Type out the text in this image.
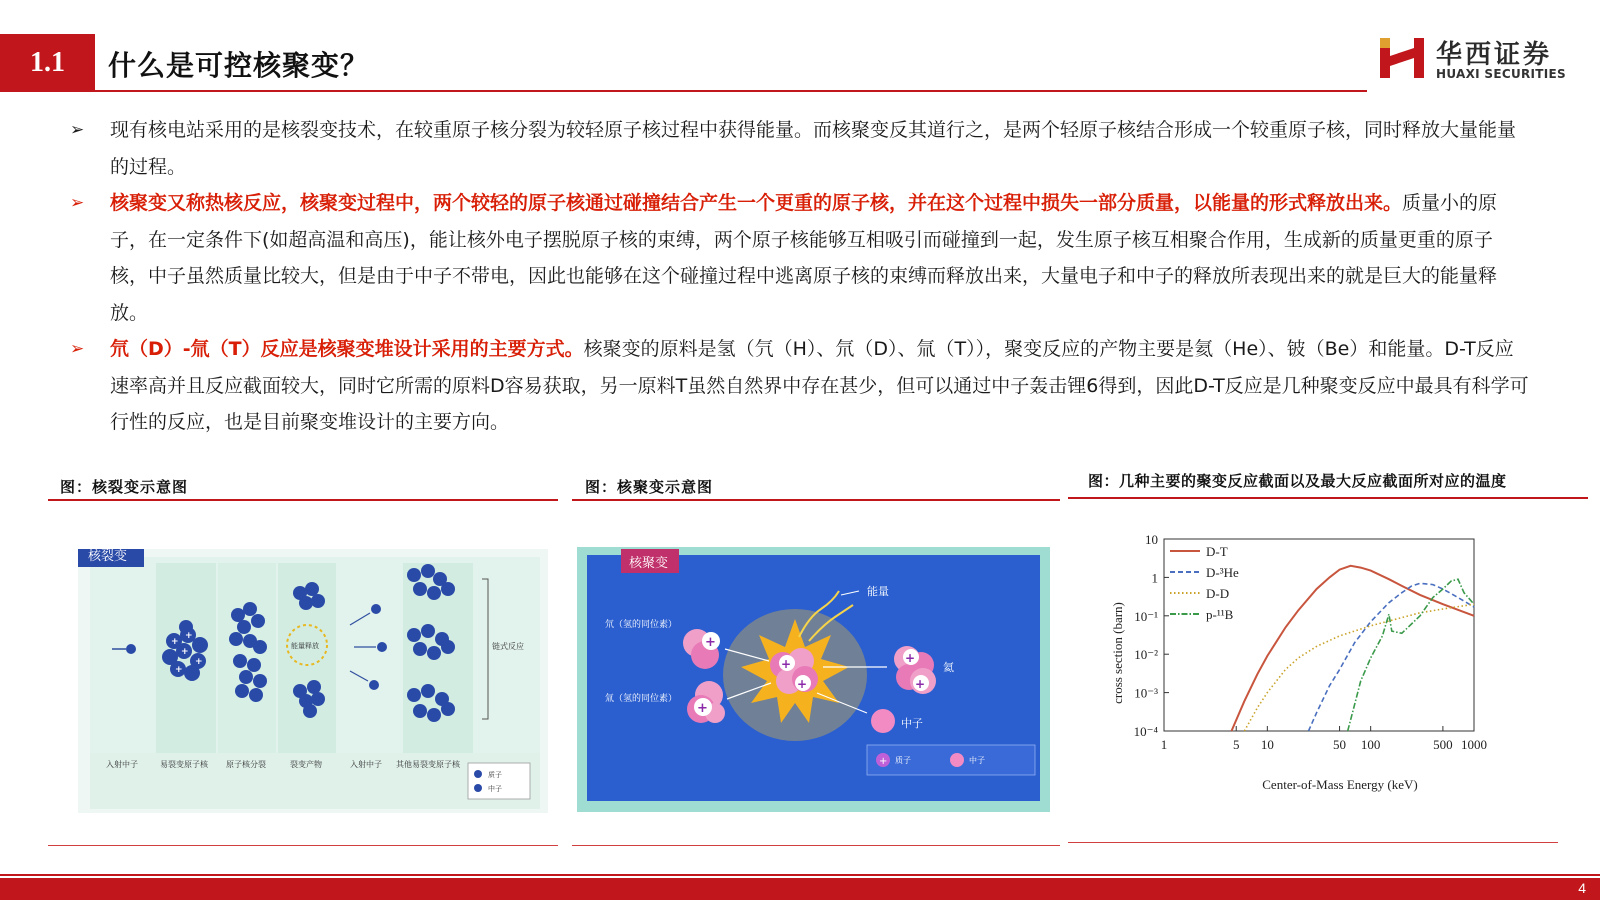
1.1	什么是可控核聚变？	华西证券
HUAXI SECURITIES
➢ 现有核电站采用的是核裂变技术，在较重原子核分裂为较轻原子核过程中获得能量。而核聚变反其道行之，是两个轻原子核结合形成一个较重原子核，同时释放大量能量的过程。
➢ 核聚变又称热核反应，核聚变过程中，两个较轻的原子核通过碰撞结合产生一个更重的原子核，并在这个过程中损失一部分质量，以能量的形式释放出来。质量小的原子，在一定条件下(如超高温和高压)，能让核外电子摆脱原子核的束缚，两个原子核能够互相吸引而碰撞到一起，发生原子核互相聚合作用，生成新的质量更重的原子核，中子虽然质量比较大，但是由于中子不带电，因此也能够在这个碰撞过程中逃离原子核的束缚而释放出来，大量电子和中子的释放所表现出来的就是巨大的能量释放。
➢ 氘（D）-氚（T）反应是核聚变堆设计采用的主要方式。核聚变的原料是氢（氕（H）、氘（D）、氚（T）），聚变反应的产物主要是氦（He）、铍（Be）和能量。D-T反应速率高并且反应截面较大，同时它所需的原料D容易获取，另一原料T虽然自然界中存在甚少，但可以通过中子轰击锂6得到，因此D-T反应是几种聚变反应中最具有科学可行性的反应，也是目前聚变堆设计的主要方向。
图：核裂变示意图
+
+
+
+
+
能量释放	链式反应
核裂变
入射中子	易裂变原子核 原子核分裂	裂变产物	入射中子 其他易裂变原子核
质子
中子
图：核聚变示意图
核聚变
能量
+
+
+
氘（氢的同位素）
+
氚（氢的同位素）
+
+
氦
中子
+ 质子	中子
图：几种主要的聚变反应截面以及最大反应截面所对应的温度
1	5 10	50 100	500 1000
10
1
10⁻¹
10⁻²
10⁻³
10⁻⁴
D-T
D-³He
D-D
p-¹¹B
Center-of-Mass Energy (keV)
cross section (barn)
4
